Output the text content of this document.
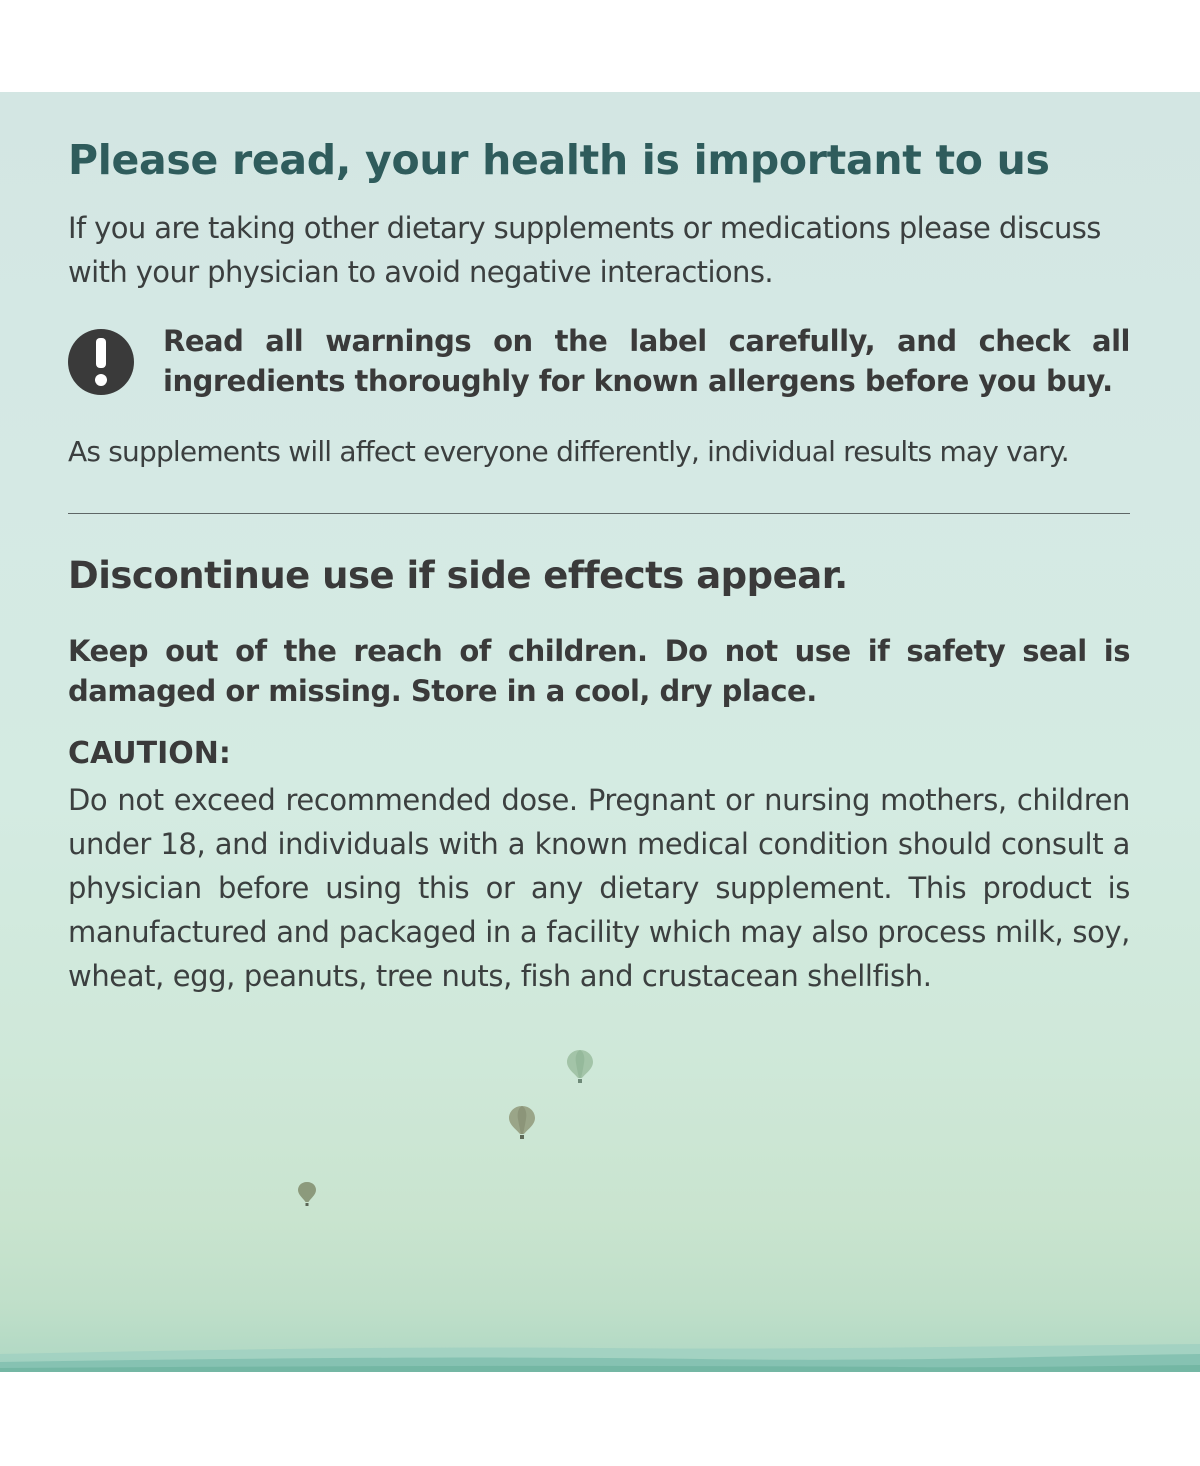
Please read, your health is important to us

If you are taking other dietary supplements or medications please discuss with your physician to avoid negative interactions.

Read all warnings on the label carefully, and check all ingredients thoroughly for known allergens before you buy.

As supplements will affect everyone differently, individual results may vary.

Discontinue use if side effects appear.

Keep out of the reach of children. Do not use if safety seal is damaged or missing. Store in a cool, dry place.

CAUTION:

Do not exceed recommended dose. Pregnant or nursing mothers, children under 18, and individuals with a known medical condition should consult a physician before using this or any dietary supplement. This product is manufactured and packaged in a facility which may also process milk, soy, wheat, egg, peanuts, tree nuts, fish and crustacean shellfish.
